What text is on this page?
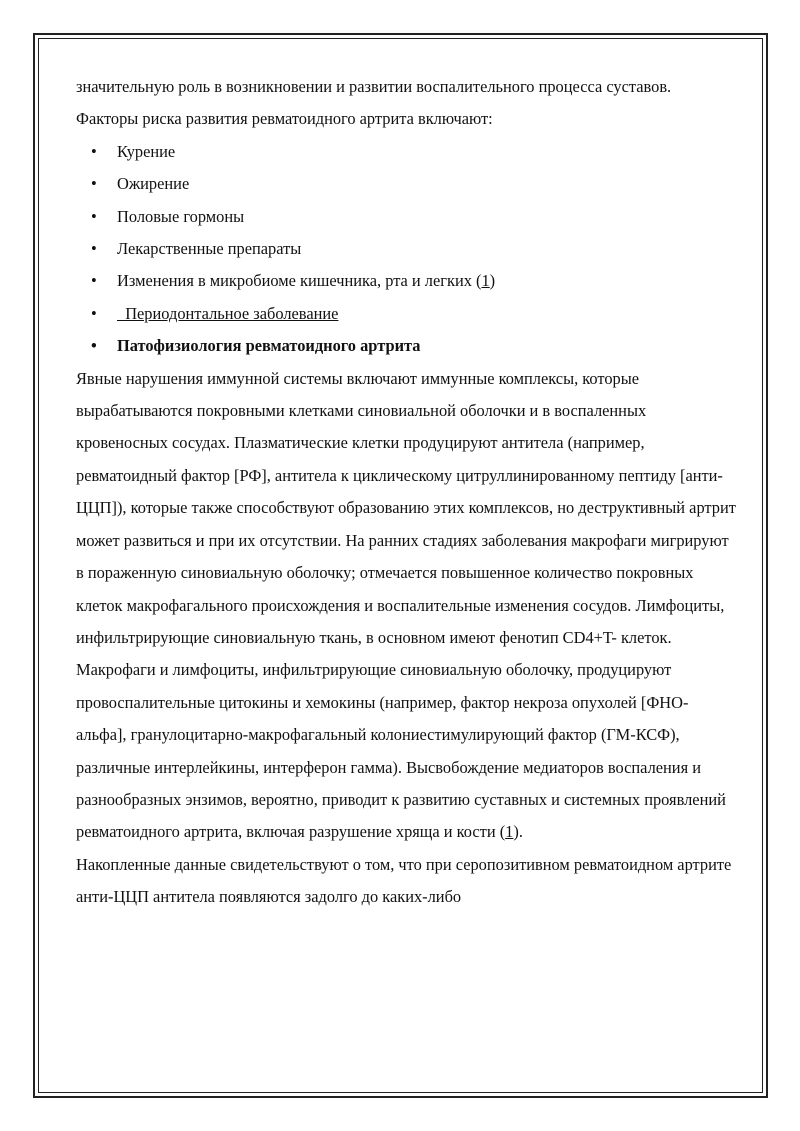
значительную роль в возникновении и развитии воспалительного процесса суставов.

Факторы риска развития ревматоидного артрита включают:

• Курение
• Ожирение
• Половые гормоны
• Лекарственные препараты
• Изменения в микробиоме кишечника, рта и легких (1)
• Периодонтальное заболевание
• Патофизиология ревматоидного артрита

Явные нарушения иммунной системы включают иммунные комплексы, которые вырабатываются покровными клетками синовиальной оболочки и в воспаленных кровеносных сосудах. Плазматические клетки продуцируют антитела (например, ревматоидный фактор [РФ], антитела к циклическому цитруллинированному пептиду [анти- ЦЦП]), которые также способствуют образованию этих комплексов, но деструктивный артрит может развиться и при их отсутствии. На ранних стадиях заболевания макрофаги мигрируют в пораженную синовиальную оболочку; отмечается повышенное количество покровных клеток макрофагального происхождения и воспалительные изменения сосудов. Лимфоциты, инфильтрирующие синовиальную ткань, в основном имеют фенотип CD4+T- клеток. Макрофаги и лимфоциты, инфильтрирующие синовиальную оболочку, продуцируют провоспалительные цитокины и хемокины (например, фактор некроза опухолей [ФНО-альфа], гранулоцитарно-макрофагальный колониестимулирующий фактор (ГМ-КСФ), различные интерлейкины, интерферон гамма). Высвобождение медиаторов воспаления и разнообразных энзимов, вероятно, приводит к развитию суставных и системных проявлений ревматоидного артрита, включая разрушение хряща и кости (1).

Накопленные данные свидетельствуют о том, что при серопозитивном ревматоидном артрите анти-ЦЦП антитела появляются задолго до каких-либо
